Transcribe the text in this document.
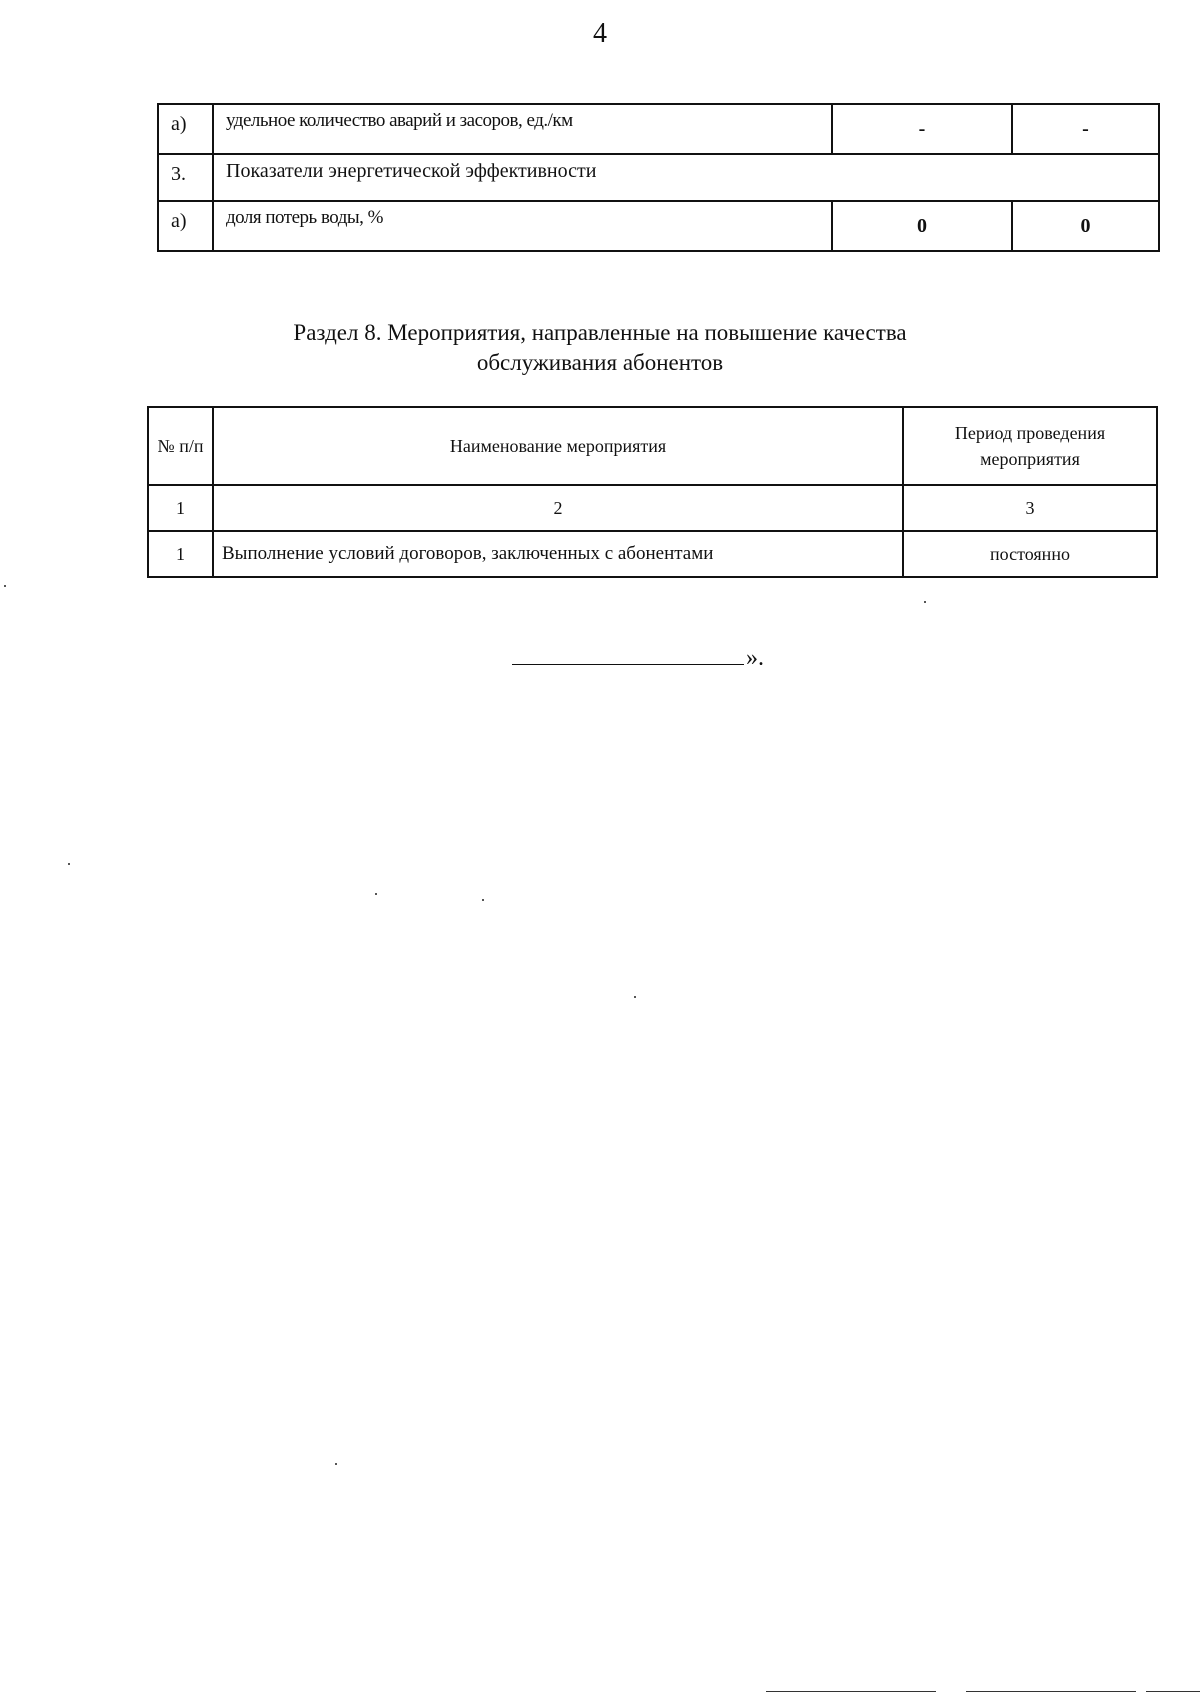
4
а)	удельное количество аварий и засоров, ед./км	-	-
3.	Показатели энергетической эффективности		
а)	доля потерь воды, %	0	0
Раздел 8. Мероприятия, направленные на повышение качества
обслуживания абонентов
№ п/п	Наименование мероприятия	Период проведения мероприятия
1	2	3
1	Выполнение условий договоров, заключенных с абонентами	постоянно
».
